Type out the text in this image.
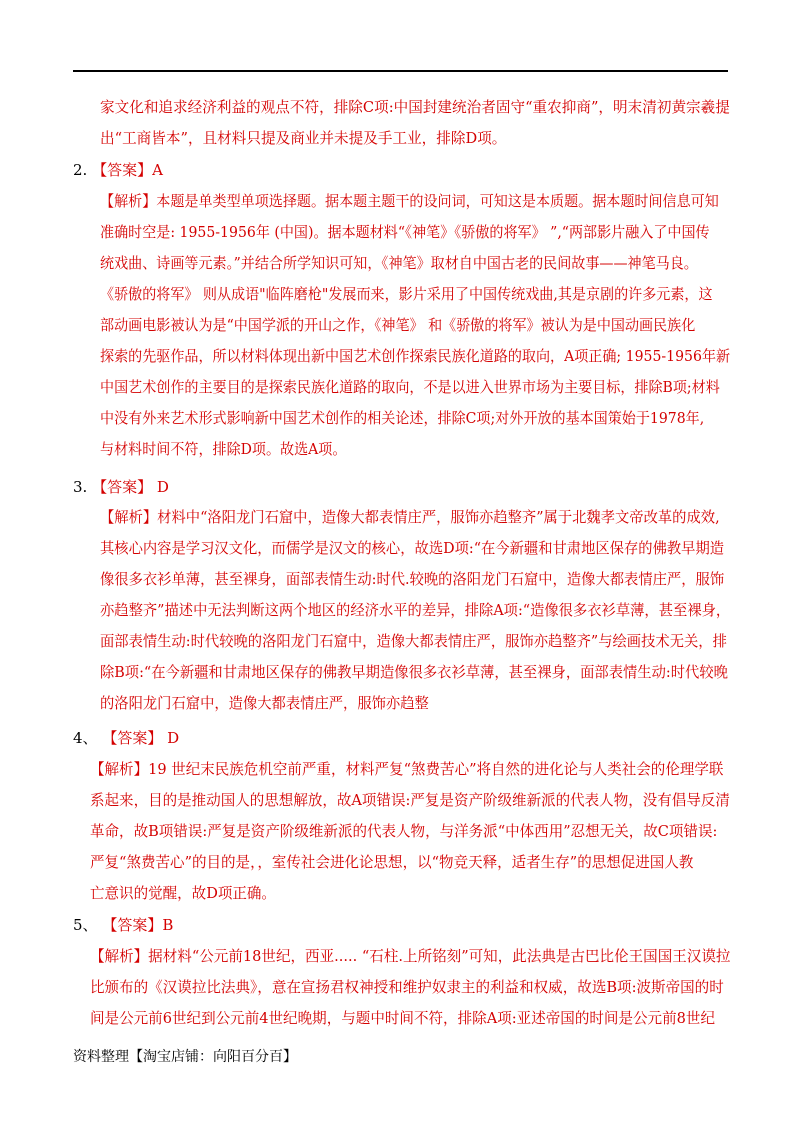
家文化和追求经济利益的观点不符，排除C项:中国封建统治者固守“重农抑商”，明末清初黄宗羲提
出“工商皆本”，且材料只提及商业并未提及手工业，排除D项。
2. 【答案】A
【解析】本题是单类型单项选择题。据本题主题干的设问词，可知这是本质题。据本题时间信息可知
准确时空是: 1955-1956年 (中国)。据本题材料“《神笔》《骄傲的将军》 ”,“两部影片融入了中国传
统戏曲、诗画等元素。”并结合所学知识可知，《神笔》取材自中国古老的民间故事——神笔马良。
《骄傲的将军》 则从成语"临阵磨枪"发展而来，影片采用了中国传统戏曲,其是京剧的许多元素，这
部动画电影被认为是“中国学派的开山之作，《神笔》 和《骄傲的将军》被认为是中国动画民族化
探索的先驱作品，所以材料体现出新中国艺术创作探索民族化道路的取向，A项正确; 1955-1956年新
中国艺术创作的主要目的是探索民族化道路的取向，不是以进入世界市场为主要目标，排除B项;材料
中没有外来艺术形式影响新中国艺术创作的相关论述，排除C项;对外开放的基本国策始于1978年,
与材料时间不符，排除D项。故选A项。
3. 【答案】 D
【解析】材料中“洛阳龙门石窟中，造像大都表情庄严，服饰亦趋整齐”属于北魏孝文帝改革的成效,
其核心内容是学习汉文化，而儒学是汉文的核心，故选D项:“在今新疆和甘肃地区保存的佛教早期造
像很多衣衫单薄，甚至裸身，面部表情生动:时代.较晚的洛阳龙门石窟中，造像大都表情庄严，服饰
亦趋整齐”描述中无法判断这两个地区的经济水平的差异，排除A项:“造像很多衣衫草薄，甚至裸身，
面部表情生动:时代较晚的洛阳龙门石窟中，造像大都表情庄严，服饰亦趋整齐”与绘画技术无关，排
除B项:“在今新疆和甘肃地区保存的佛教早期造像很多衣衫草薄，甚至裸身，面部表情生动:时代较晚
的洛阳龙门石窟中，造像大都表情庄严，服饰亦趋整
4、 【答案】 D
【解析】19 世纪末民族危机空前严重，材料严复“煞费苦心”将自然的进化论与人类社会的伦理学联
系起来，目的是推动国人的思想解放，故A项错误:严复是资产阶级维新派的代表人物，没有倡导反清
革命，故B项错误:严复是资产阶级维新派的代表人物，与洋务派“中体西用”忍想无关，故C项错误:
严复“煞费苦心”的目的是，，室传社会进化论思想，以“物竞天释，适者生存”的思想促进国人教
亡意识的觉醒，故D项正确。
5、 【答案】B
【解析】据材料“公元前18世纪，西亚..... “石柱.上所铭刻”可知，此法典是古巴比伦王国国王汉谟拉
比颁布的《汉谟拉比法典》，意在宣扬君权神授和维护奴隶主的利益和权威，故选B项:波斯帝国的时
间是公元前6世纪到公元前4世纪晚期，与题中时间不符，排除A项:亚述帝国的时间是公元前8世纪
资料整理【淘宝店铺：向阳百分百】
